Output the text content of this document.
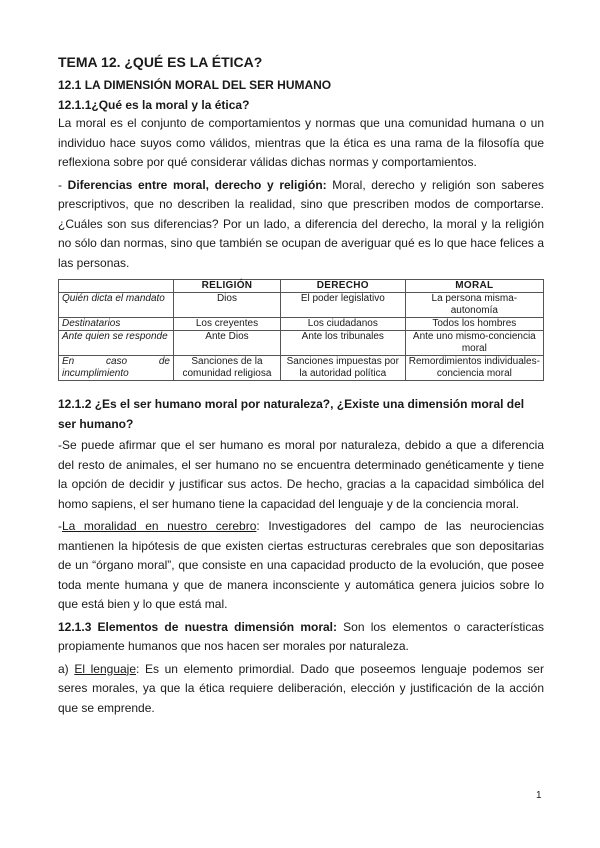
TEMA 12. ¿QUÉ ES LA ÉTICA?
12.1 LA DIMENSIÓN MORAL DEL SER HUMANO
12.1.1¿Qué es la moral y la ética?

La moral es el conjunto de comportamientos y normas que una comunidad humana o un individuo hace suyos como válidos, mientras que la ética es una rama de la filosofía que reflexiona sobre por qué considerar válidas dichas normas y comportamientos.

- Diferencias entre moral, derecho y religión: Moral, derecho y religión son saberes prescriptivos, que no describen la realidad, sino que prescriben modos de comportarse. ¿Cuáles son sus diferencias? Por un lado, a diferencia del derecho, la moral y la religión no sólo dan normas, sino que también se ocupan de averiguar qué es lo que hace felices a las personas.

	RELIGIÓN	DERECHO	MORAL
Quién dicta el mandato	Dios	El poder legislativo	La persona misma-autonomía
Destinatarios	Los creyentes	Los ciudadanos	Todos los hombres
Ante quien se responde	Ante Dios	Ante los tribunales	Ante uno mismo-conciencia moral
En caso de incumplimiento	Sanciones de la comunidad religiosa	Sanciones impuestas por la autoridad política	Remordimientos individuales-conciencia moral
12.1.2 ¿Es el ser humano moral por naturaleza?, ¿Existe una dimensión moral del ser humano?

-Se puede afirmar que el ser humano es moral por naturaleza, debido a que a diferencia del resto de animales, el ser humano no se encuentra determinado genéticamente y tiene la opción de decidir y justificar sus actos. De hecho, gracias a la capacidad simbólica del homo sapiens, el ser humano tiene la capacidad del lenguaje y de la conciencia moral.

-La moralidad en nuestro cerebro: Investigadores del campo de las neurociencias mantienen la hipótesis de que existen ciertas estructuras cerebrales que son depositarias de un “órgano moral”, que consiste en una capacidad producto de la evolución, que posee toda mente humana y que de manera inconsciente y automática genera juicios sobre lo que está bien y lo que está mal.

12.1.3 Elementos de nuestra dimensión moral: Son los elementos o características propiamente humanos que nos hacen ser morales por naturaleza.

a) El lenguaje: Es un elemento primordial. Dado que poseemos lenguaje podemos ser seres morales, ya que la ética requiere deliberación, elección y justificación de la acción que se emprende.

1
